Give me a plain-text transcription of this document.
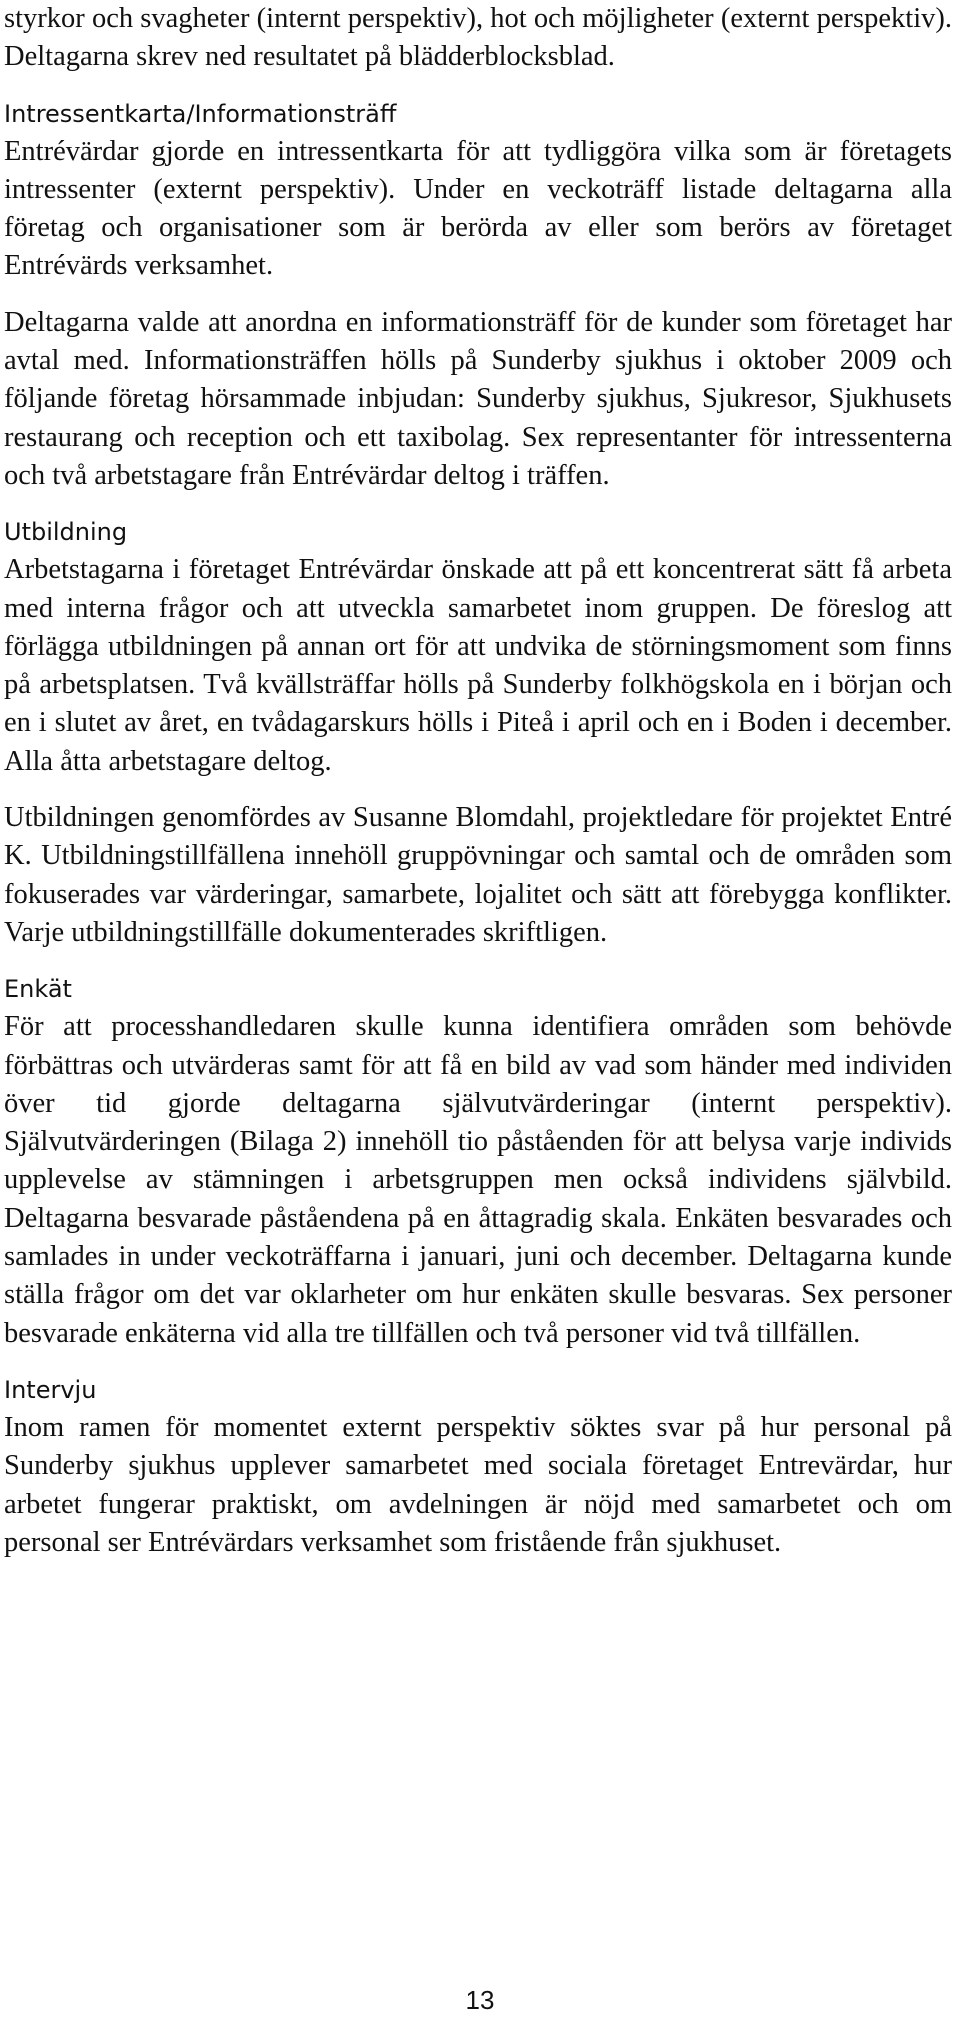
styrkor och svagheter (internt perspektiv), hot och möjligheter (externt perspektiv). Deltagarna skrev ned resultatet på blädderblocksblad.

Intressentkarta/Informationsträff

Entrévärdar gjorde en intressentkarta för att tydliggöra vilka som är företagets intressenter (externt perspektiv). Under en veckoträff listade deltagarna alla företag och organisationer som är berörda av eller som berörs av företaget Entrévärds verksamhet.

Deltagarna valde att anordna en informationsträff för de kunder som företaget har avtal med. Informationsträffen hölls på Sunderby sjukhus i oktober 2009 och följande företag hörsammade inbjudan: Sunderby sjukhus, Sjukresor, Sjukhusets restaurang och reception och ett taxibolag. Sex representanter för intressenterna och två arbetstagare från Entrévärdar deltog i träffen.

Utbildning

Arbetstagarna i företaget Entrévärdar önskade att på ett koncentrerat sätt få arbeta med interna frågor och att utveckla samarbetet inom gruppen. De föreslog att förlägga utbildningen på annan ort för att undvika de störningsmoment som finns på arbetsplatsen. Två kvällsträffar hölls på Sunderby folkhögskola en i början och en i slutet av året, en tvådagarskurs hölls i Piteå i april och en i Boden i december. Alla åtta arbetstagare deltog.

Utbildningen genomfördes av Susanne Blomdahl, projektledare för projektet Entré K. Utbildningstillfällena innehöll gruppövningar och samtal och de områden som fokuserades var värderingar, samarbete, lojalitet och sätt att förebygga konflikter. Varje utbildningstillfälle dokumenterades skriftligen.

Enkät

För att processhandledaren skulle kunna identifiera områden som behövde förbättras och utvärderas samt för att få en bild av vad som händer med individen över tid gjorde deltagarna självutvärderingar (internt perspektiv). Självutvärderingen (Bilaga 2) innehöll tio påståenden för att belysa varje individs upplevelse av stämningen i arbetsgruppen men också individens självbild. Deltagarna besvarade påståendena på en åttagradig skala. Enkäten besvarades och samlades in under veckoträffarna i januari, juni och december. Deltagarna kunde ställa frågor om det var oklarheter om hur enkäten skulle besvaras. Sex personer besvarade enkäterna vid alla tre tillfällen och två personer vid två tillfällen.

Intervju

Inom ramen för momentet externt perspektiv söktes svar på hur personal på Sunderby sjukhus upplever samarbetet med sociala företaget Entrevärdar, hur arbetet fungerar praktiskt, om avdelningen är nöjd med samarbetet och om personal ser Entrévärdars verksamhet som fristående från sjukhuset.

13
